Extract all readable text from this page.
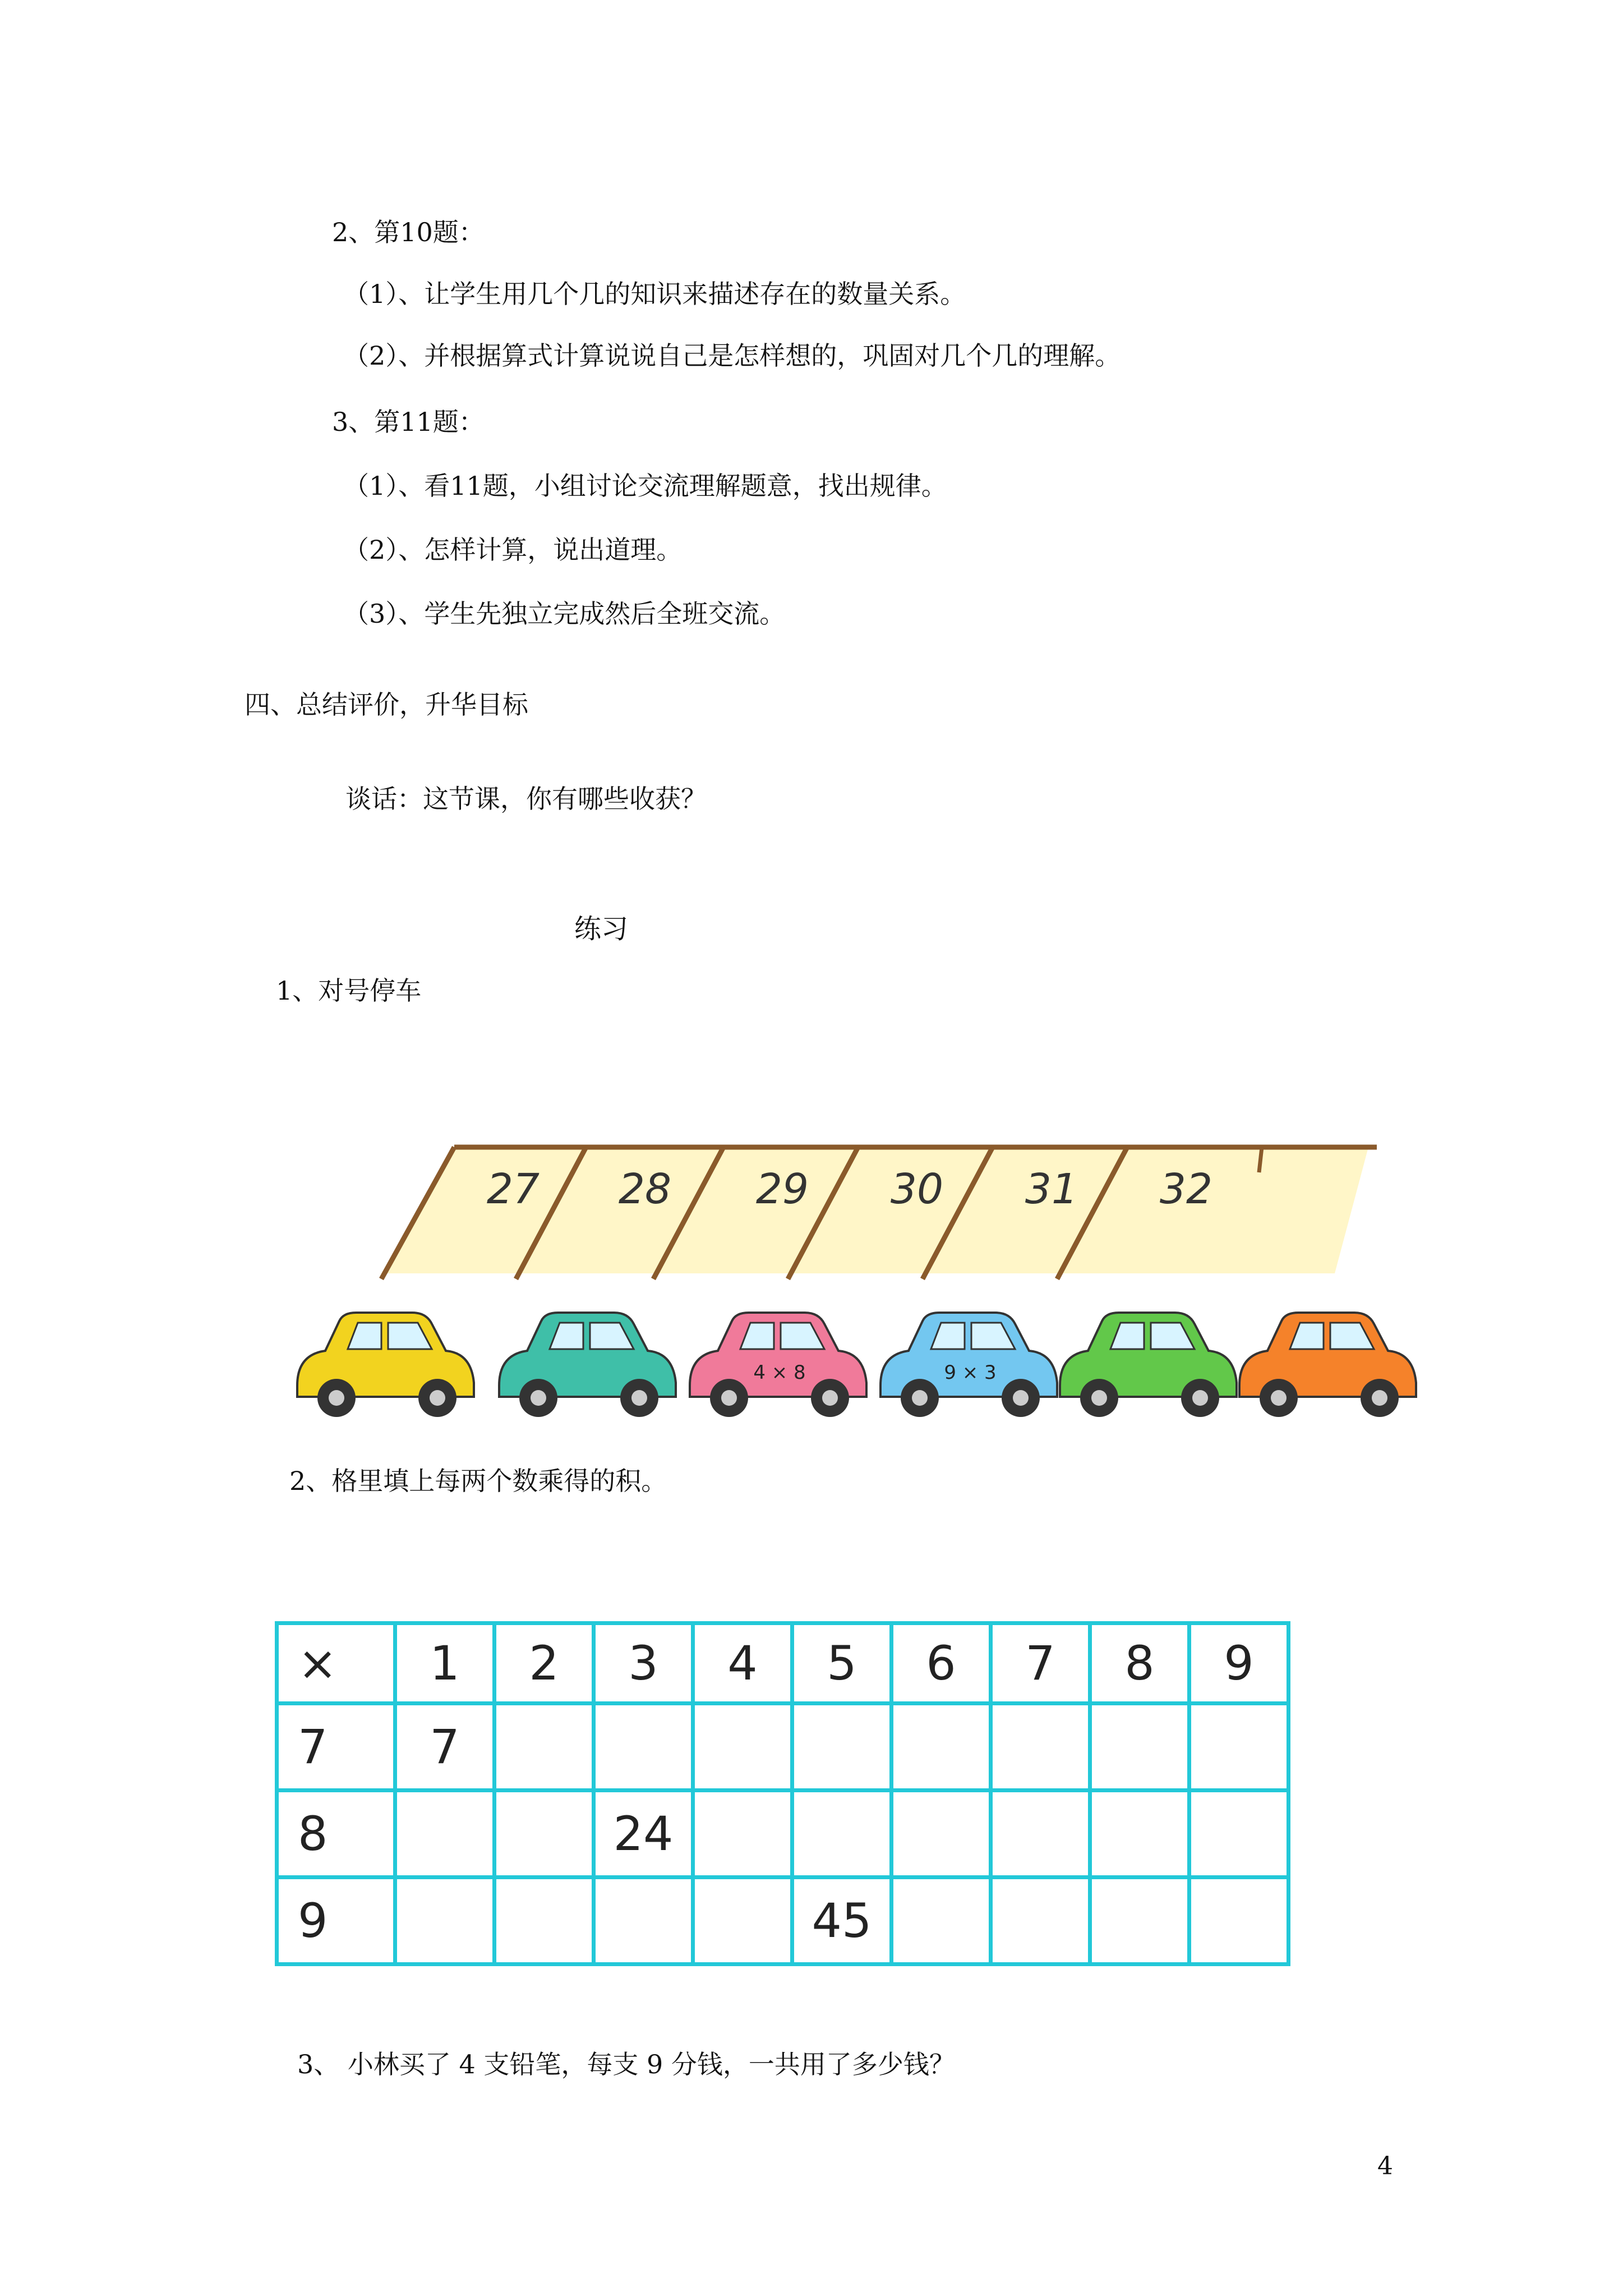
2、第10题：
（1）、让学生用几个几的知识来描述存在的数量关系。
（2）、并根据算式计算说说自己是怎样想的，巩固对几个几的理解。
3、第11题：
（1）、看11题，小组讨论交流理解题意，找出规律。
（2）、怎样计算，说出道理。
（3）、学生先独立完成然后全班交流。
四、总结评价，升华目标
谈话：这节课，你有哪些收获？
练习
1、对号停车
27 28 29 30 31 32
4 × 8	9 × 3
2、格里填上每两个数乘得的积。
×	1	2	3	4	5	6	7	8	9
7	7								
8			24						
9					45				
3、 小林买了 4 支铅笔，每支 9 分钱，一共用了多少钱？
4
